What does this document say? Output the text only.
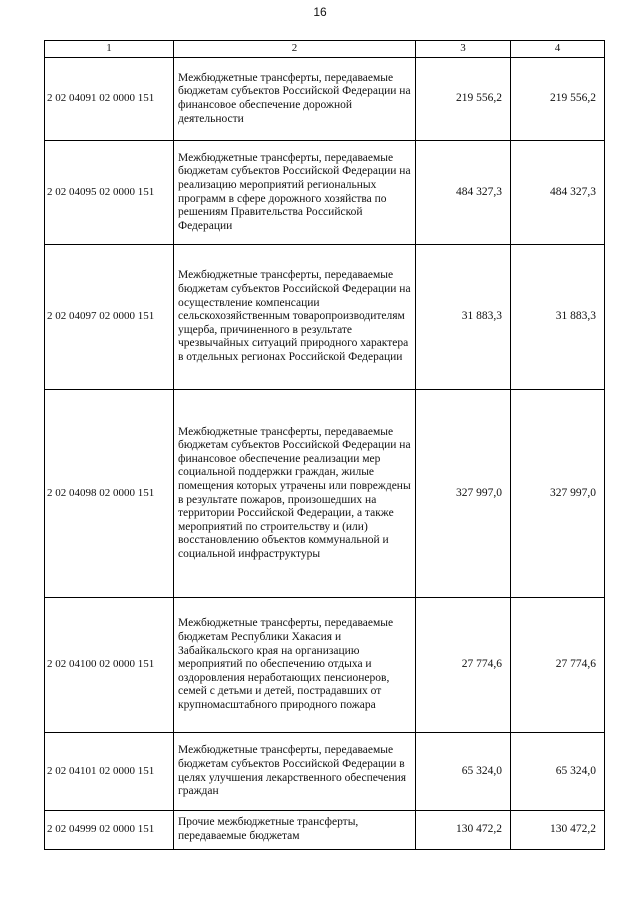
16
1	2	3	4
2 02 04091 02 0000 151	Межбюджетные трансферты, передаваемые бюджетам субъектов Российской Федерации на финансовое обеспечение дорожной деятельности	219 556,2	219 556,2
2 02 04095 02 0000 151	Межбюджетные трансферты, передаваемые бюджетам субъектов Российской Федерации на реализацию мероприятий региональных программ в сфере дорожного хозяйства по решениям Правительства Российской Федерации	484 327,3	484 327,3
2 02 04097 02 0000 151	Межбюджетные трансферты, передаваемые бюджетам субъектов Российской Федерации на осуществление компенсации сельскохозяйственным товаропроизводителям ущерба, причиненного в результате чрезвычайных ситуаций природного характера в отдельных регионах Российской Федерации	31 883,3	31 883,3
2 02 04098 02 0000 151	Межбюджетные трансферты, передаваемые бюджетам субъектов Российской Федерации на финансовое обеспечение реализации мер социальной поддержки граждан, жилые помещения которых утрачены или повреждены в результате пожаров, произошедших на территории Российской Федерации, а также мероприятий по строительству и (или) восстановлению объектов коммунальной и социальной инфраструктуры	327 997,0	327 997,0
2 02 04100 02 0000 151	Межбюджетные трансферты, передаваемые бюджетам Республики Хакасия и Забайкальского края на организацию мероприятий по обеспечению отдыха и оздоровления неработающих пенсионеров, семей с детьми и детей, пострадавших от крупномасштабного природного пожара	27 774,6	27 774,6
2 02 04101 02 0000 151	Межбюджетные трансферты, передаваемые бюджетам субъектов Российской Федерации в целях улучшения лекарственного обеспечения граждан	65 324,0	65 324,0
2 02 04999 02 0000 151	Прочие межбюджетные трансферты, передаваемые бюджетам	130 472,2	130 472,2
